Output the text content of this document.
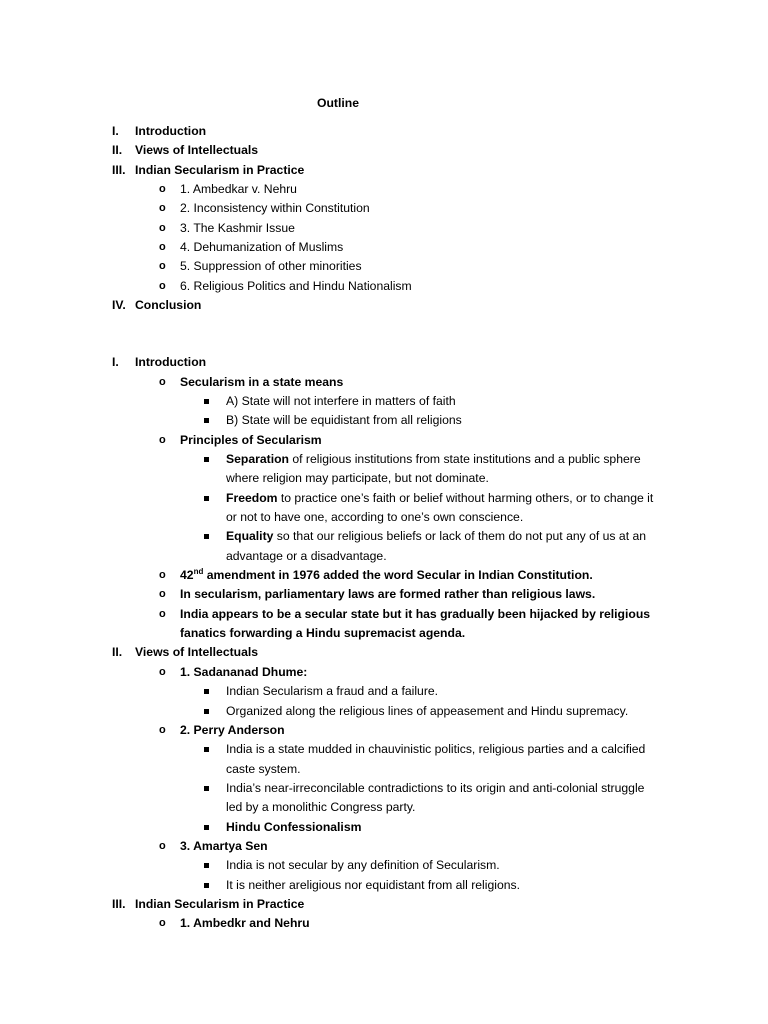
Outline
I. Introduction
II. Views of Intellectuals
III. Indian Secularism in Practice
o 1. Ambedkar v. Nehru
o 2. Inconsistency within Constitution
o 3. The Kashmir Issue
o 4. Dehumanization of Muslims
o 5. Suppression of other minorities
o 6. Religious Politics and Hindu Nationalism
IV. Conclusion
I. Introduction
o Secularism in a state means
A) State will not interfere in matters of faith
B) State will be equidistant from all religions
o Principles of Secularism
Separation of religious institutions from state institutions and a public sphere
where religion may participate, but not dominate.
Freedom to practice one’s faith or belief without harming others, or to change it
or not to have one, according to one’s own conscience.
Equality so that our religious beliefs or lack of them do not put any of us at an
advantage or a disadvantage.
o 42nd amendment in 1976 added the word Secular in Indian Constitution.
o In secularism, parliamentary laws are formed rather than religious laws.
o India appears to be a secular state but it has gradually been hijacked by religious
fanatics forwarding a Hindu supremacist agenda.
II. Views of Intellectuals
o 1. Sadananad Dhume:
Indian Secularism a fraud and a failure.
Organized along the religious lines of appeasement and Hindu supremacy.
o 2. Perry Anderson
India is a state mudded in chauvinistic politics, religious parties and a calcified
caste system.
India’s near-irreconcilable contradictions to its origin and anti-colonial struggle
led by a monolithic Congress party.
Hindu Confessionalism
o 3. Amartya Sen
India is not secular by any definition of Secularism.
It is neither areligious nor equidistant from all religions.
III. Indian Secularism in Practice
o 1. Ambedkr and Nehru
